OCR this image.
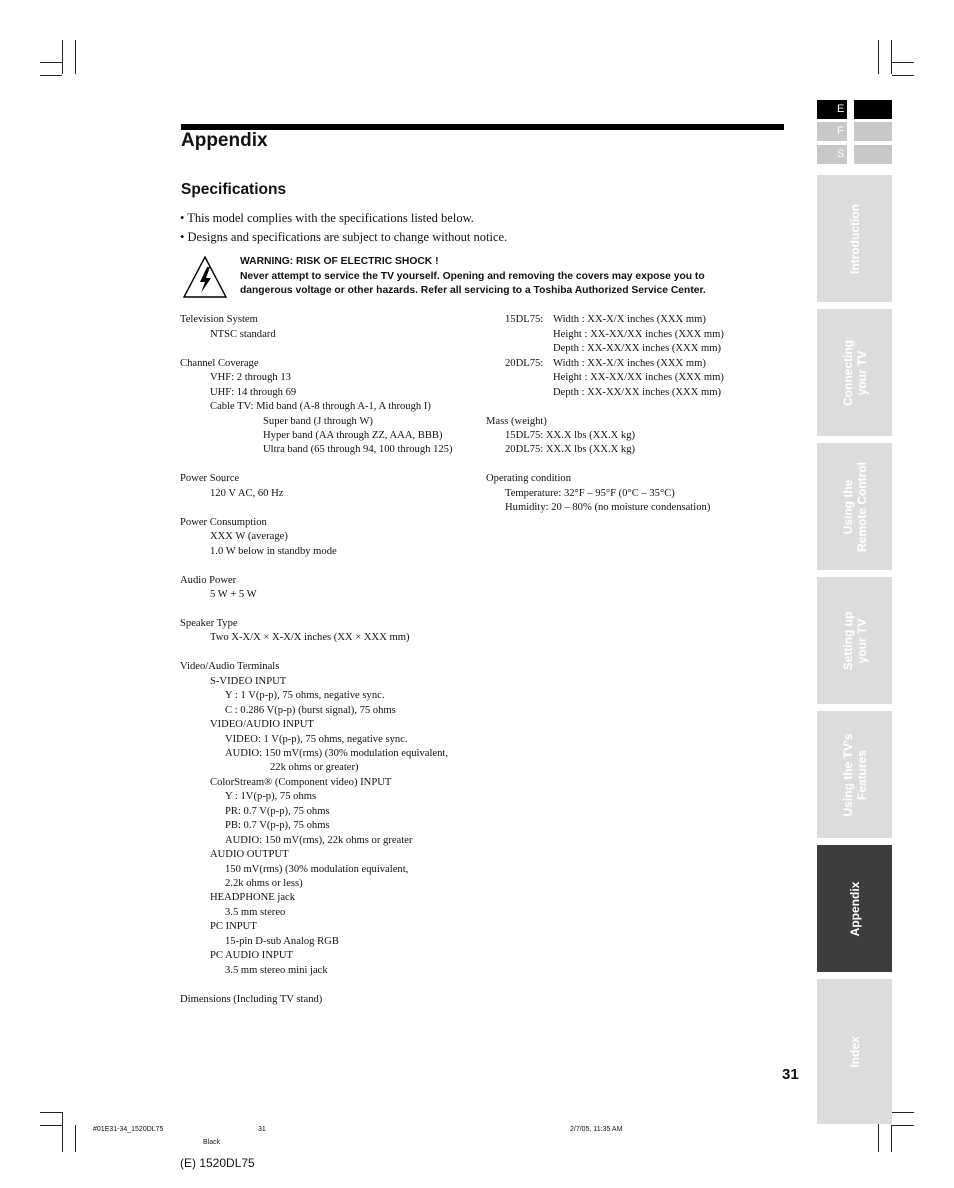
Appendix
Specifications
• This model complies with the specifications listed below.
• Designs and specifications are subject to change without notice.
WARNING: RISK OF ELECTRIC SHOCK !
Never attempt to service the TV yourself. Opening and removing the covers may expose you to
dangerous voltage or other hazards. Refer all servicing to a Toshiba Authorized Service Center.
Television System
NTSC standard
Channel Coverage
VHF: 2 through 13
UHF: 14 through 69
Cable TV: Mid band (A-8 through A-1, A through I)
Super band (J through W)
Hyper band (AA through ZZ, AAA, BBB)
Ultra band (65 through 94, 100 through 125)
Power Source
120 V AC, 60 Hz
Power Consumption
XXX W (average)
1.0 W below in standby mode
Audio Power
5 W + 5 W
Speaker Type
Two X-X/X × X-X/X inches (XX × XXX mm)
Video/Audio Terminals
S-VIDEO INPUT
Y : 1 V(p-p), 75 ohms, negative sync.
C : 0.286 V(p-p) (burst signal), 75 ohms
VIDEO/AUDIO INPUT
VIDEO: 1 V(p-p), 75 ohms, negative sync.
AUDIO: 150 mV(rms) (30% modulation equivalent,
22k ohms or greater)
ColorStream® (Component video) INPUT
Y : 1V(p-p), 75 ohms
PR: 0.7 V(p-p), 75 ohms
PB: 0.7 V(p-p), 75 ohms
AUDIO: 150 mV(rms), 22k ohms or greater
AUDIO OUTPUT
150 mV(rms) (30% modulation equivalent,
2.2k ohms or less)
HEADPHONE jack
3.5 mm stereo
PC INPUT
15-pin D-sub Analog RGB
PC AUDIO INPUT
3.5 mm stereo mini jack
Dimensions (Including TV stand)
15DL75: Width : XX-X/X inches (XXX mm)
Height : XX-XX/XX inches (XXX mm)
Depth : XX-XX/XX inches (XXX mm)
20DL75: Width : XX-X/X inches (XXX mm)
Height : XX-XX/XX inches (XXX mm)
Depth : XX-XX/XX inches (XXX mm)
Mass (weight)
15DL75: XX.X lbs (XX.X kg)
20DL75: XX.X lbs (XX.X kg)
Operating condition
Temperature: 32°F – 95°F (0°C – 35°C)
Humidity: 20 – 80% (no moisture condensation)
E
F
S
Introduction
Connecting
your TV
Using the
Remote Control
Setting up
your TV
Using the TV's
Features
Appendix
Index
31
#01E31-34_1520DL75	31	2/7/05, 11:35 AM
Black
(E) 1520DL75
